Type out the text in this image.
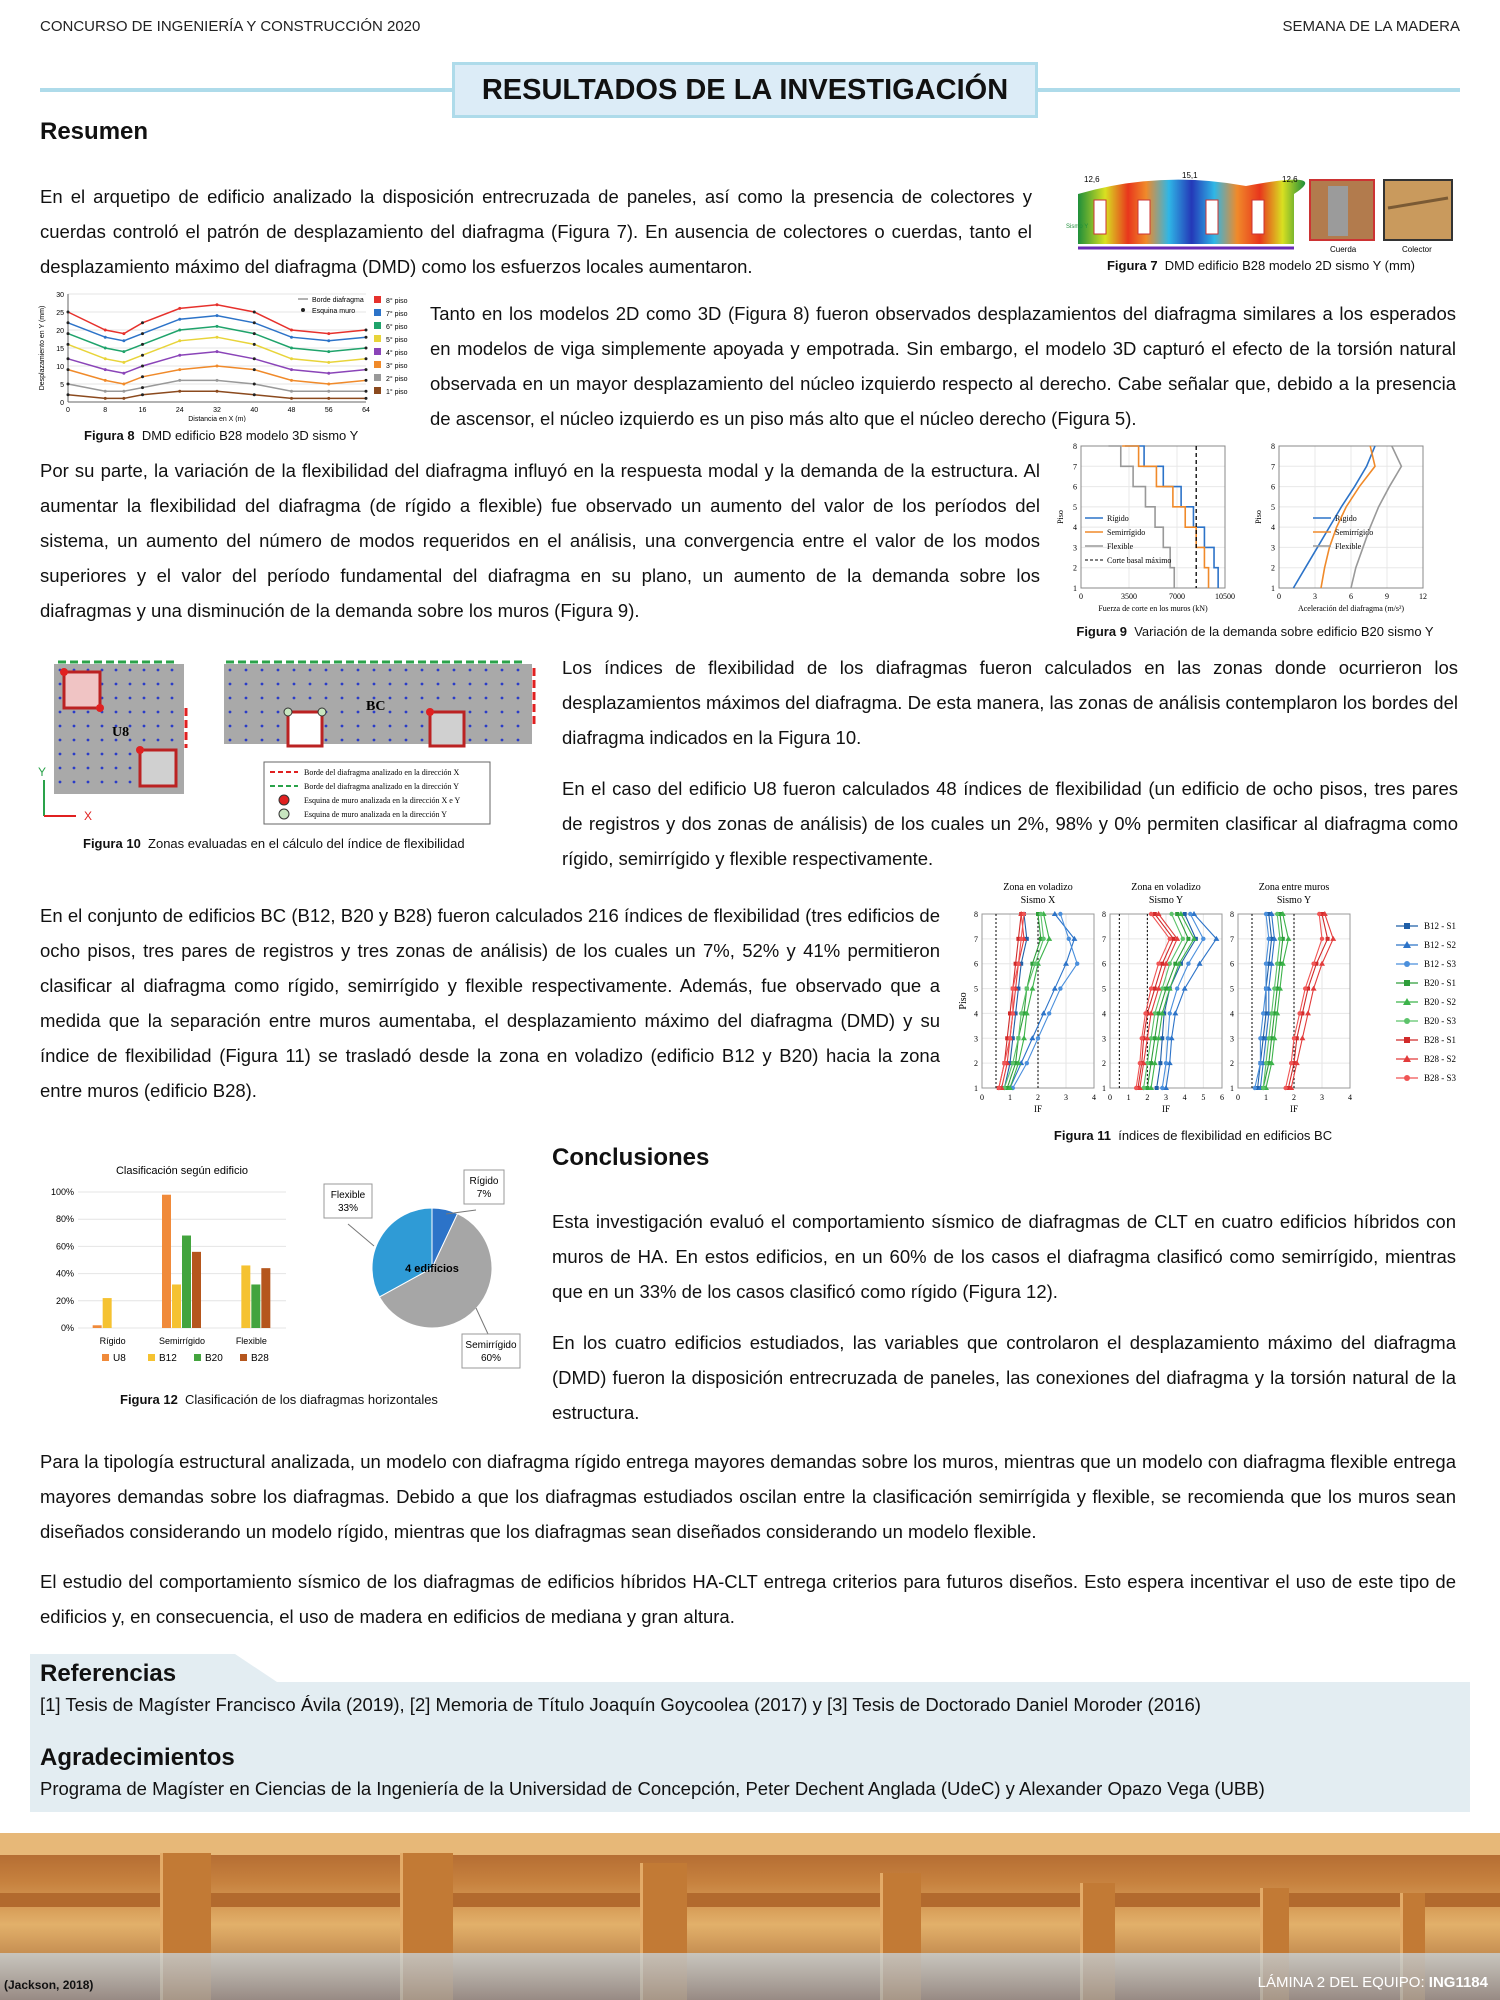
CONCURSO DE INGENIERÍA Y CONSTRUCCIÓN 2020	SEMANA DE LA MADERA
RESULTADOS DE LA INVESTIGACIÓN
Resumen

En el arquetipo de edificio analizado la disposición entrecruzada de paneles, así como la presencia de colectores y cuerdas controló el patrón de desplazamiento del diafragma (Figura 7). En ausencia de colectores o cuerdas, tanto el desplazamiento máximo del diafragma (DMD) como los esfuerzos locales aumentaron.

12,6	15,1	12,6
Sismo Y
Cuerda	Colector
Figura 7 DMD edificio B28 modelo 2D sismo Y (mm)
0
5
10
15
20
25
30
0	8	16	24	32	40	48	56	64
Distancia en X (m)
Desplazamiento en Y (mm)
8° piso
7° piso
6° piso
5° piso
4° piso
3° piso
2° piso
1° piso
Borde diafragma
Esquina muro
Figura 8 DMD edificio B28 modelo 3D sismo Y

Tanto en los modelos 2D como 3D (Figura 8) fueron observados desplazamientos del diafragma similares a los esperados en modelos de viga simplemente apoyada y empotrada. Sin embargo, el modelo 3D capturó el efecto de la torsión natural observada en un mayor desplazamiento del núcleo izquierdo respecto al derecho. Cabe señalar que, debido a la presencia de ascensor, el núcleo izquierdo es un piso más alto que el núcleo derecho (Figura 5).

Por su parte, la variación de la flexibilidad del diafragma influyó en la respuesta modal y la demanda de la estructura. Al aumentar la flexibilidad del diafragma (de rígido a flexible) fue observado un aumento del valor de los períodos del sistema, un aumento del número de modos requeridos en el análisis, una convergencia entre el valor de los modos superiores y el valor del período fundamental del diafragma en su plano, un aumento de la demanda sobre los diafragmas y una disminución de la demanda sobre los muros (Figura 9).

1
2
3
4
5
6
7
8
0	3500	7000	10500
Fuerza de corte en los muros (kN)
Piso	Rígido
Semirrígido
Flexible
Corte basal máximo
1
2
3
4
5
6
7
8
0	3	6	9	12
Aceleración del diafragma (m/s²)
Piso	Rígido
Semirrígido
Flexible
Figura 9 Variación de la demanda sobre edificio B20 sismo Y
U8
BC
Y
X
Borde del diafragma analizado en la dirección X
Borde del diafragma analizado en la dirección Y
Esquina de muro analizada en la dirección X e Y
Esquina de muro analizada en la dirección Y
Figura 10 Zonas evaluadas en el cálculo del índice de flexibilidad

Los índices de flexibilidad de los diafragmas fueron calculados en las zonas donde ocurrieron los desplazamientos máximos del diafragma. De esta manera, las zonas de análisis contemplaron los bordes del diafragma indicados en la Figura 10.

En el caso del edificio U8 fueron calculados 48 índices de flexibilidad (un edificio de ocho pisos, tres pares de registros y dos zonas de análisis) de los cuales un 2%, 98% y 0% permiten clasificar al diafragma como rígido, semirrígido y flexible respectivamente.

En el conjunto de edificios BC (B12, B20 y B28) fueron calculados 216 índices de flexibilidad (tres edificios de ocho pisos, tres pares de registros y tres zonas de análisis) de los cuales un 7%, 52% y 41% permitieron clasificar al diafragma como rígido, semirrígido y flexible respectivamente. Además, fue observado que a medida que la separación entre muros aumentaba, el desplazamiento máximo del diafragma (DMD) y su índice de flexibilidad (Figura 11) se trasladó desde la zona en voladizo (edificio B12 y B20) hacia la zona entre muros (edificio B28).

Zona en voladizo
Sismo X
1
2
3
4
5
6
7
8
0	1	2	3	4
IF
Zona en voladizo
Sismo Y
1
2
3
4
5
6
7
8
0 1 2 3 4 5 6
IF
Zona entre muros
Sismo Y
1
2
3
4
5
6
7
8
0	1	2	3	4
IF
Piso
B12 - S1
B12 - S2
B12 - S3
B20 - S1
B20 - S2
B20 - S3
B28 - S1
B28 - S2
B28 - S3
Figura 11 índices de flexibilidad en edificios BC
Clasificación según edificio
0%
20%
40%
60%
80%
100%
Rígido	Semirrígido	Flexible
U8	B12	B20	B28
4 edificios
Rígido
7%
Semirrígido
60%
Flexible
33%
Figura 12 Clasificación de los diafragmas horizontales
Conclusiones

Esta investigación evaluó el comportamiento sísmico de diafragmas de CLT en cuatro edificios híbridos con muros de HA. En estos edificios, en un 60% de los casos el diafragma clasificó como semirrígido, mientras que en un 33% de los casos clasificó como rígido (Figura 12).

En los cuatro edificios estudiados, las variables que controlaron el desplazamiento máximo del diafragma (DMD) fueron la disposición entrecruzada de paneles, las conexiones del diafragma y la torsión natural de la estructura.

Para la tipología estructural analizada, un modelo con diafragma rígido entrega mayores demandas sobre los muros, mientras que un modelo con diafragma flexible entrega mayores demandas sobre los diafragmas. Debido a que los diafragmas estudiados oscilan entre la clasificación semirrígida y flexible, se recomienda que los muros sean diseñados considerando un modelo rígido, mientras que los diafragmas sean diseñados considerando un modelo flexible.

El estudio del comportamiento sísmico de los diafragmas de edificios híbridos HA-CLT entrega criterios para futuros diseños. Esto espera incentivar el uso de este tipo de edificios y, en consecuencia, el uso de madera en edificios de mediana y gran altura.

Referencias
[1] Tesis de Magíster Francisco Ávila (2019), [2] Memoria de Título Joaquín Goycoolea (2017) y [3] Tesis de Doctorado Daniel Moroder (2016)
Agradecimientos
Programa de Magíster en Ciencias de la Ingeniería de la Universidad de Concepción, Peter Dechent Anglada (UdeC) y Alexander Opazo Vega (UBB)
(Jackson, 2018)	LÁMINA 2 DEL EQUIPO: ING1184
